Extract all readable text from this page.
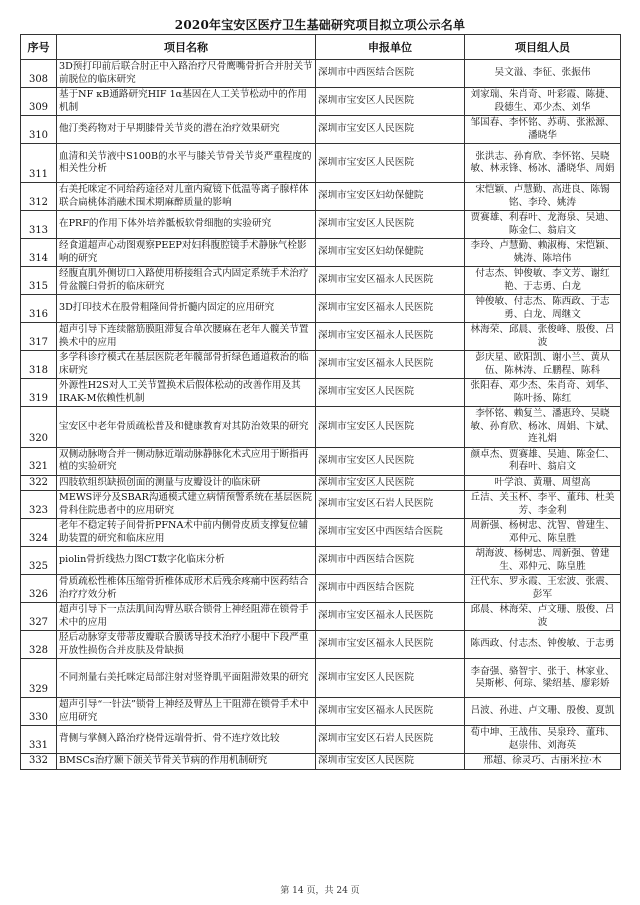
2020年宝安区医疗卫生基础研究项目拟立项公示名单
序号	项目名称	申报单位	项目组人员
308	3D预打印前后联合肘正中入路治疗尺骨鹰嘴骨折合并肘关节前脱位的临床研究	深圳市中西医结合医院	吴文溢、李征、张振伟
309	基于NF κB通路研究HIF 1α基因在人工关节松动中的作用机制	深圳市宝安区人民医院	刘家瑞、朱肖奇、叶彩霞、陈捷、段德生、邓少杰、刘华
310	他汀类药物对于早期膝骨关节炎的潜在治疗效果研究	深圳市宝安区人民医院	邹国春、李怀铭、苏萌、张淞源、潘晓华
311	血清和关节液中S100B的水平与膝关节骨关节炎严重程度的相关性分析	深圳市宝安区人民医院	张洪志、孙育欣、李怀铭、吴晓敏、林汞锋、杨冰、潘晓华、周娟
312	右美托咪定不同给药途径对儿童内窥镜下低温等离子腺样体联合扁桃体消融术围术期麻醉质量的影响	深圳市宝安区妇幼保健院	宋恺颖、卢慧勤、高进良、陈锡铭、李玲、姚涛
313	在PRF的作用下体外培养骶板软骨细胞的实验研究	深圳市宝安区人民医院	贾赛雄、利春叶、龙海泉、吴迪、陈金仁、翁启文
314	经食道超声心动图观察PEEP对妇科腹腔镜手术静脉气栓影响的研究	深圳市宝安区妇幼保健院	李玲、卢慧勤、赖淑梅、宋恺颖、姚涛、陈培伟
315	经腹直肌外侧切口入路使用桥接组合式内固定系统手术治疗骨盆髋臼骨折的临床研究	深圳市宝安区福永人民医院	付志杰、钟俊敏、李文芳、谢红艳、于志勇、白龙
316	3D打印技术在股骨粗隆间骨折髓内固定的应用研究	深圳市宝安区福永人民医院	钟俊敏、付志杰、陈西政、于志勇、白龙、周继文
317	超声引导下连续髂筋膜阻滞复合单次腰麻在老年人髋关节置换术中的应用	深圳市宝安区福永人民医院	林海荣、邱晨、张俊峰、殷俊、吕波
318	多学科诊疗模式在基层医院老年髋部骨折绿色通道救治的临床研究	深圳市宝安区福永人民医院	彭庆星、欧阳凯、谢小兰、黄从伍、陈林涛、丘鹏程、陈科
319	外源性H2S对人工关节置换术后假体松动的改善作用及其IRAK-M依赖性机制	深圳市宝安区人民医院	张阳春、邓少杰、朱肖奇、刘华、陈叶扬、陈红
320	宝安区中老年骨质疏松普及和健康教育对其防治效果的研究	深圳市宝安区人民医院	李怀铭、赖复兰、潘惠玲、吴晓敏、孙育欣、杨冰、周娟、卞斌、连礼焆
321	双侧动脉吻合并一侧动脉近端动脉静脉化术式应用于断指再植的实验研究	深圳市宝安区人民医院	颜卓杰、贾赛雄、吴迪、陈金仁、利春叶、翁启文
322	四肢软组织缺损创面的测量与皮瓣设计的临床研	深圳市宝安区人民医院	叶学浪、黄珊、周望高
323	MEWS评分及SBAR沟通模式建立病情预警系统在基层医院骨科住院患者中的应用研究	深圳市宝安区石岩人民医院	丘洁、关玉杯、李平、董玮、杜美芳、李金利
324	老年不稳定转子间骨折PFNA术中前内侧骨皮质支撑复位辅助装置的研究和临床应用	深圳市宝安区中西医结合医院	周新强、杨树忠、沈智、曾建生、邓仲元、陈皇胜
325	piolin骨折线热力图CT数字化临床分析	深圳市中西医结合医院	胡海波、杨树忠、周新强、曾建生、邓仲元、陈皇胜
326	骨质疏松性椎体压缩骨折椎体成形术后残余疼痛中医药结合治疗疗效分析	深圳市中西医结合医院	汪代东、罗永霞、王宏波、张震、彭军
327	超声引导下一点法肌间沟臂丛联合锁骨上神经阻滞在锁骨手术中的应用	深圳市宝安区福永人民医院	邱晨、林海荣、卢文珊、殷俊、吕波
328	胫后动脉穿支带蒂皮瓣联合膜诱导技术治疗小腿中下段严重开放性损伤合并皮肤及骨缺损	深圳市宝安区福永人民医院	陈西政、付志杰、钟俊敏、于志勇
329	不同剂量右美托咪定局部注射对竖脊肌平面阻滞效果的研究	深圳市宝安区人民医院	李奋强、骆智宇、张于、林家业、吴斯彬、何琮、梁绍基、廖彩娇
330	超声引导“一针法”锁骨上神经及臂丛上干阻滞在锁骨手术中应用研究	深圳市宝安区福永人民医院	吕波、孙进、卢文珊、殷俊、夏凯
331	背侧与掌侧入路治疗桡骨远端骨折、骨不连疗效比较	深圳市宝安区石岩人民医院	荀中坤、王战伟、吴泉玲、董玮、赵崇伟、刘海英
332	BMSCs治疗颞下颌关节骨关节病的作用机制研究	深圳市宝安区人民医院	邢超、徐灵巧、古丽米拉·木
第 14 页，共 24 页
